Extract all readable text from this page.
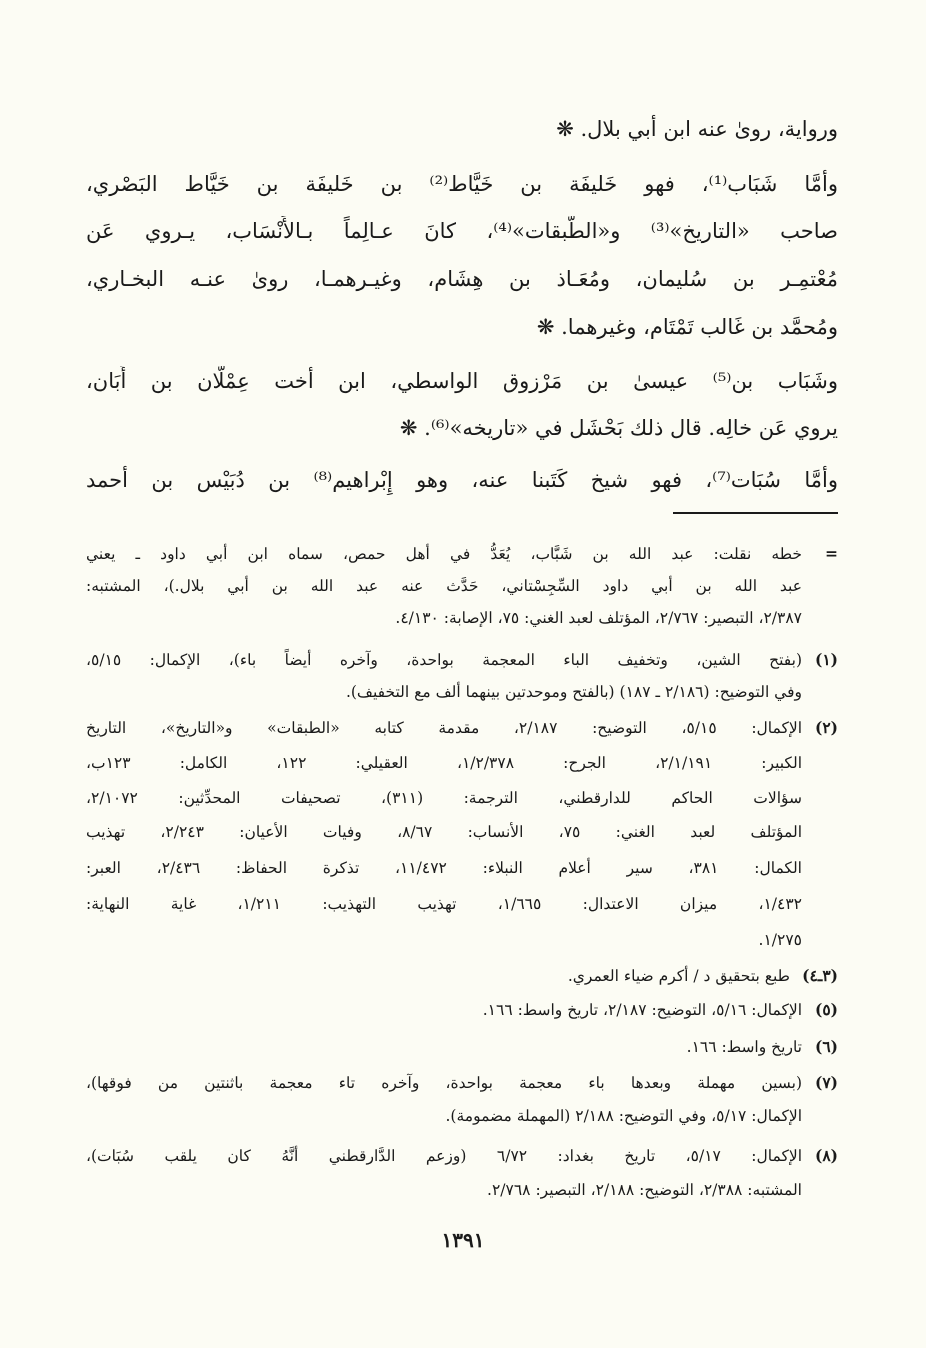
ورواية، روىٰ عنه ابن أبي بلال. ❋
وأمَّا شَبَاب⁽¹⁾، فهو خَليفَة بن خَيَّاط⁽²⁾ بن خَليفَة بن خَيَّاط البَصْري،
صاحب «التاريخ»⁽³⁾ و«الطَّبقات»⁽⁴⁾، كانَ عـالِماً بـالأَنْسَاب، يـروي عَن
مُعْتمِـر بن سُليمان، ومُعَـاذ بن هِشَام، وغيـرهمـا، روىٰ عنـه البخـاري،
ومُحمَّد بن غَالب تَمْتَام، وغيرهما. ❋
وشَبَاب بن⁽⁵⁾ عيسىٰ بن مَرْزوق الواسطي، ابن أخت عِمْلَّان بن أَبَان،
يروي عَن خالِه. قال ذلك بَحْشَل في «تاريخه»⁽⁶⁾. ❋
وأمَّا سُبَات⁽⁷⁾، فهو شيخ كَتَبنا عنه، وهو إِبْراهيم⁽⁸⁾ بن دُبَيْس بن أحمد
=
خطه نقلت: عبد الله بن شَبَّاب، يُعَدُّ في أهل حمص، سماه ابن أبي داود ـ يعني
عبد الله بن أبي داود السِّجِسْتاني، حَدَّث عنه عبد الله بن أبي بلال.)، المشتبه:
٢/٣٨٧، التبصير: ٢/٧٦٧، المؤتلف لعبد الغني: ٧٥، الإصابة: ٤/١٣٠.
(١)
(بفتح الشين، وتخفيف الباء المعجمة بواحدة، وآخره أيضاً باء)، الإكمال: ٥/١٥،
وفي التوضيح: (٢/١٨٦ ـ ١٨٧) (بالفتح وموحدتين بينهما ألف مع التخفيف).
(٢)
الإكمال: ٥/١٥، التوضيح: ٢/١٨٧، مقدمة كتابه «الطبقات» و«التاريخ»، التاريخ
الكبير: ٢/١/١٩١، الجرح: ١/٢/٣٧٨، العقيلي: ١٢٢، الكامل: ١٢٣ب،
سؤالات الحاكم للدارقطني، الترجمة: (٣١١)، تصحيفات المحدِّثين: ٢/١٠٧٢،
المؤتلف لعبد الغني: ٧٥، الأنساب: ٨/٦٧، وفيات الأعيان: ٢/٢٤٣، تهذيب
الكمال: ٣٨١، سير أعلام النبلاء: ١١/٤٧٢، تذكرة الحفاظ: ٢/٤٣٦، العبر:
١/٤٣٢، ميزان الاعتدال: ١/٦٦٥، تهذيب التهذيب: ١/٢١١، غاية النهاية:
١/٢٧٥.
(٣ـ٤)
طبع بتحقيق د / أكرم ضياء العمري.
(٥)
الإكمال: ٥/١٦، التوضيح: ٢/١٨٧، تاريخ واسط: ١٦٦.
(٦)
تاريخ واسط: ١٦٦.
(٧)
(بسين مهملة وبعدها باء معجمة بواحدة، وآخره تاء معجمة باثنتين من فوقها)،
الإكمال: ٥/١٧، وفي التوضيح: ٢/١٨٨ (المهملة مضمومة).
(٨)
الإكمال: ٥/١٧، تاريخ بغداد: ٦/٧٢ (وزعم الدَّارقطني أنَّهُ كان يلقب سُبَات)،
المشتبه: ٢/٣٨٨، التوضيح: ٢/١٨٨، التبصير: ٢/٧٦٨.
١٣٩١
